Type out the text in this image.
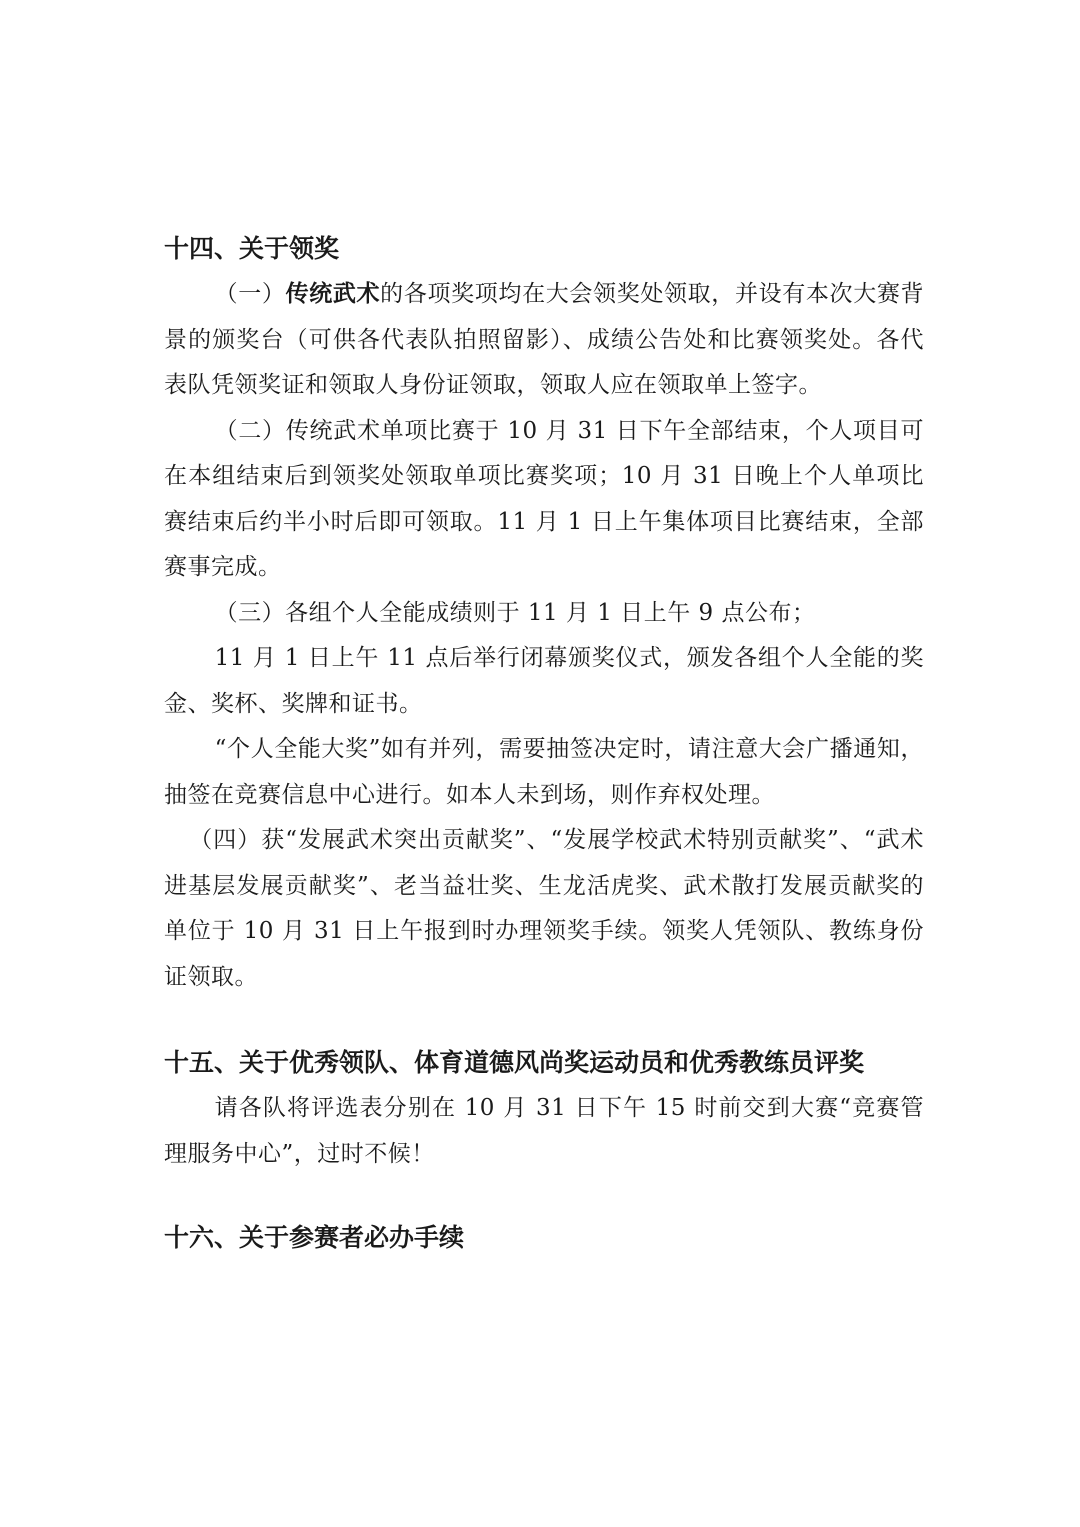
十四、关于领奖

（一）传统武术的各项奖项均在大会领奖处领取，并设有本次大赛背景的颁奖台（可供各代表队拍照留影）、成绩公告处和比赛领奖处。各代表队凭领奖证和领取人身份证领取，领取人应在领取单上签字。

（二）传统武术单项比赛于 10 月 31 日下午全部结束，个人项目可在本组结束后到领奖处领取单项比赛奖项；10 月 31 日晚上个人单项比赛结束后约半小时后即可领取。11 月 1 日上午集体项目比赛结束，全部赛事完成。

（三）各组个人全能成绩则于 11 月 1 日上午 9 点公布；

11 月 1 日上午 11 点后举行闭幕颁奖仪式，颁发各组个人全能的奖金、奖杯、奖牌和证书。

“个人全能大奖”如有并列，需要抽签决定时，请注意大会广播通知，抽签在竞赛信息中心进行。如本人未到场，则作弃权处理。

（四）获“发展武术突出贡献奖”、“发展学校武术特别贡献奖”、“武术进基层发展贡献奖”、老当益壮奖、生龙活虎奖、武术散打发展贡献奖的单位于 10 月 31 日上午报到时办理领奖手续。领奖人凭领队、教练身份证领取。

十五、关于优秀领队、体育道德风尚奖运动员和优秀教练员评奖

请各队将评选表分别在 10 月 31 日下午 15 时前交到大赛“竞赛管理服务中心”，过时不候！

十六、关于参赛者必办手续
